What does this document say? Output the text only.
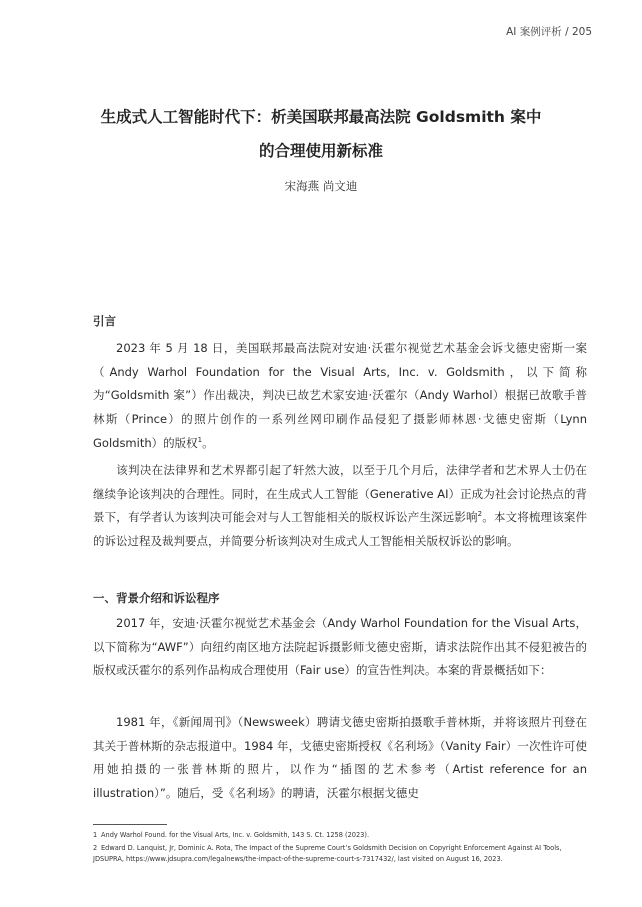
AI 案例评析 / 205
生成式人工智能时代下：析美国联邦最高法院 Goldsmith 案中
的合理使用新标准
宋海燕 尚文迪
引言
2023 年 5 月 18 日，美国联邦最高法院对安迪·沃霍尔视觉艺术基金会诉戈德史密斯一案（Andy Warhol Foundation for the Visual Arts, Inc. v. Goldsmith，以下简称为“Goldsmith 案”）作出裁决，判决已故艺术家安迪·沃霍尔（Andy Warhol）根据已故歌手普林斯（Prince）的照片创作的一系列丝网印刷作品侵犯了摄影师林恩·戈德史密斯（Lynn Goldsmith）的版权$^1$。
该判决在法律界和艺术界都引起了轩然大波，以至于几个月后，法律学者和艺术界人士仍在继续争论该判决的合理性。同时，在生成式人工智能（Generative AI）正成为社会讨论热点的背景下，有学者认为该判决可能会对与人工智能相关的版权诉讼产生深远影响$^2$。本文将梳理该案件的诉讼过程及裁判要点，并简要分析该判决对生成式人工智能相关版权诉讼的影响。
一、背景介绍和诉讼程序
2017 年，安迪·沃霍尔视觉艺术基金会（Andy Warhol Foundation for the Visual Arts，以下简称为“AWF”）向纽约南区地方法院起诉摄影师戈德史密斯，请求法院作出其不侵犯被告的版权或沃霍尔的系列作品构成合理使用（Fair use）的宣告性判决。本案的背景概括如下：
1981 年，《新闻周刊》（Newsweek）聘请戈德史密斯拍摄歌手普林斯，并将该照片刊登在其关于普林斯的杂志报道中。1984 年，戈德史密斯授权《名利场》（Vanity Fair）一次性许可使用她拍摄的一张普林斯的照片，以作为“插图的艺术参考（Artist reference for an illustration）”。随后，受《名利场》的聘请，沃霍尔根据戈德史
1 Andy Warhol Found. for the Visual Arts, Inc. v. Goldsmith, 143 S. Ct. 1258 (2023).
2 Edward D. Lanquist, Jr, Dominic A. Rota, The Impact of the Supreme Court’s Goldsmith Decision on Copyright Enforcement Against AI Tools, JDSUPRA, https://www.jdsupra.com/legalnews/the-impact-of-the-supreme-court-s-7317432/, last visited on August 16, 2023.
